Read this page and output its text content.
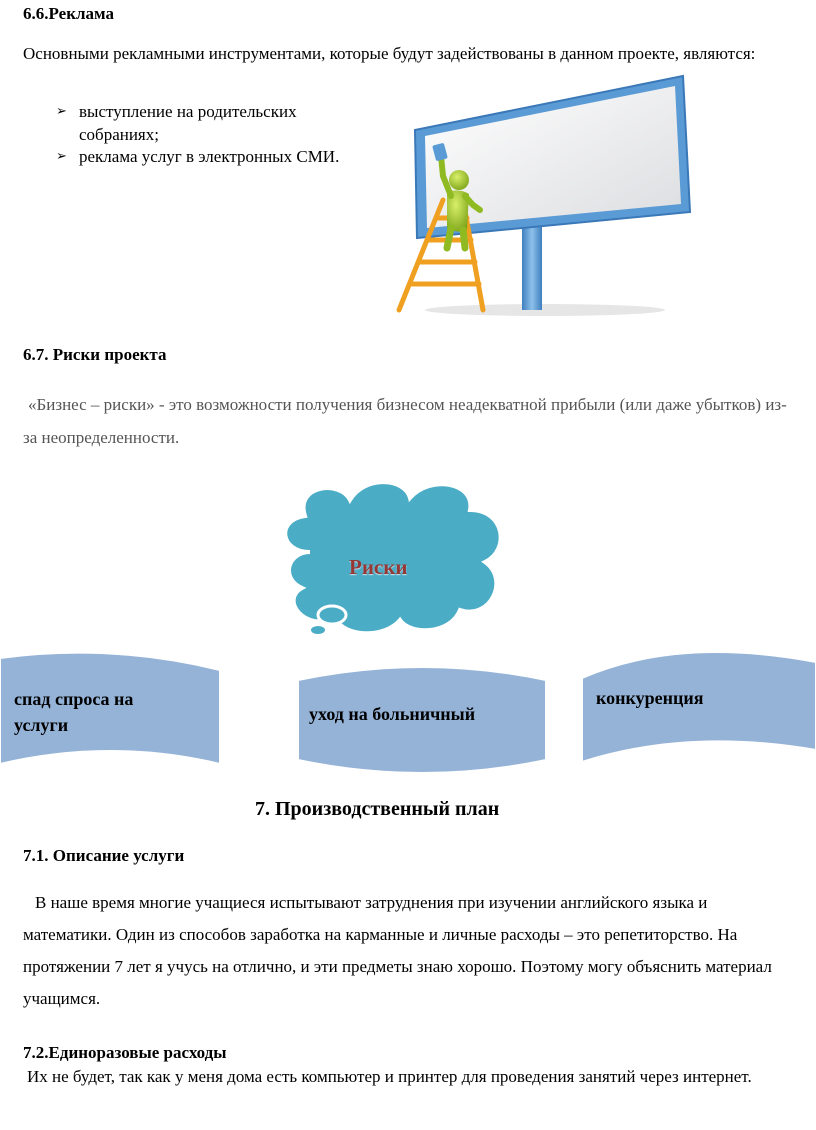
6.6.Реклама
Основными рекламными инструментами, которые будут задействованы в данном проекте, являются:
➢ выступление на родительских собраниях;
➢ реклама услуг в электронных СМИ.
6.7. Риски проекта
«Бизнес – риски» - это возможности получения бизнесом неадекватной прибыли (или даже убытков) из-за неопределенности.
Риски
спад спроса на услуги
уход на больничный
конкуренция
7. Производственный план
7.1. Описание услуги
В наше время многие учащиеся испытывают затруднения при изучении английского языка и математики. Один из способов заработка на карманные и личные расходы – это репетиторство. На протяжении 7 лет я учусь на отлично, и эти предметы знаю хорошо. Поэтому могу объяснить материал учащимся.
7.2.Единоразовые расходы
Их не будет, так как у меня дома есть компьютер и принтер для проведения занятий через интернет.
